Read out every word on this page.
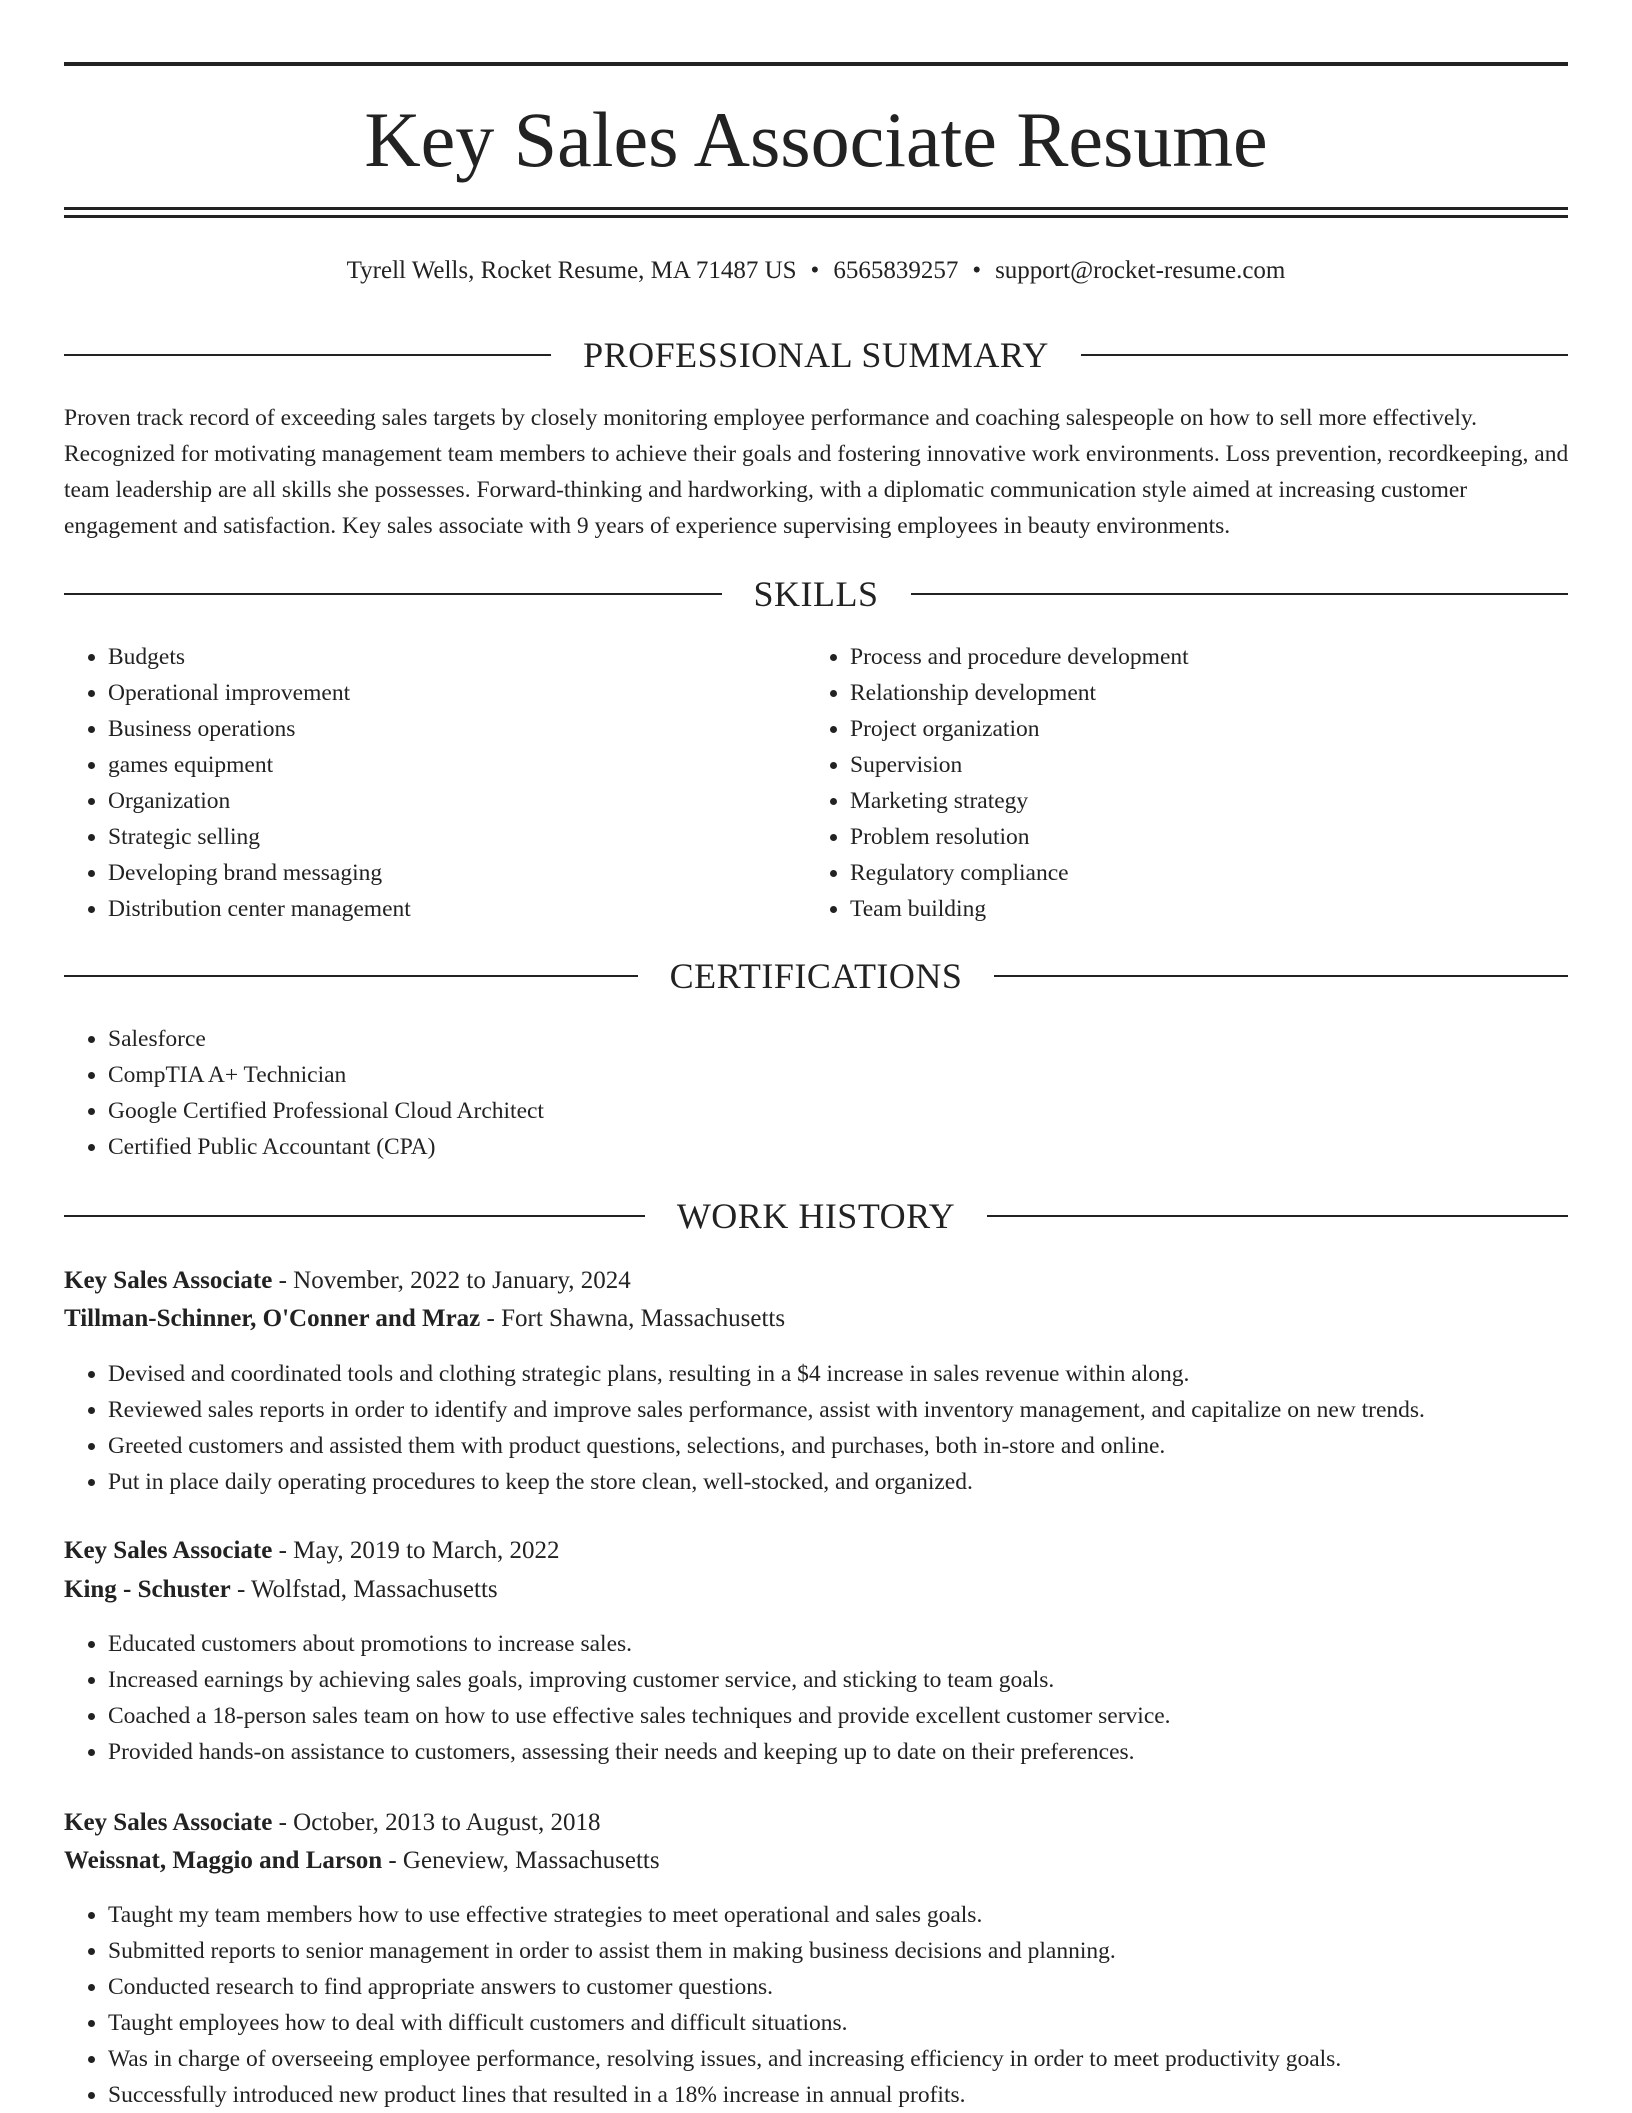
Key Sales Associate Resume
Tyrell Wells, Rocket Resume, MA 71487 US • 6565839257 • support@rocket-resume.com
PROFESSIONAL SUMMARY

Proven track record of exceeding sales targets by closely monitoring employee performance and coaching salespeople on how to sell more effectively. Recognized for motivating management team members to achieve their goals and fostering innovative work environments. Loss prevention, recordkeeping, and team leadership are all skills she possesses. Forward-thinking and hardworking, with a diplomatic communication style aimed at increasing customer engagement and satisfaction. Key sales associate with 9 years of experience supervising employees in beauty environments.

SKILLS
• Budgets
• Operational improvement
• Business operations
• games equipment
• Organization
• Strategic selling
• Developing brand messaging
• Distribution center management
• Process and procedure development
• Relationship development
• Project organization
• Supervision
• Marketing strategy
• Problem resolution
• Regulatory compliance
• Team building
CERTIFICATIONS
• Salesforce
• CompTIA A+ Technician
• Google Certified Professional Cloud Architect
• Certified Public Accountant (CPA)
WORK HISTORY
Key Sales Associate - November, 2022 to January, 2024
Tillman-Schinner, O'Conner and Mraz - Fort Shawna, Massachusetts
• Devised and coordinated tools and clothing strategic plans, resulting in a $4 increase in sales revenue within along.
• Reviewed sales reports in order to identify and improve sales performance, assist with inventory management, and capitalize on new trends.
• Greeted customers and assisted them with product questions, selections, and purchases, both in-store and online.
• Put in place daily operating procedures to keep the store clean, well-stocked, and organized.
Key Sales Associate - May, 2019 to March, 2022
King - Schuster - Wolfstad, Massachusetts
• Educated customers about promotions to increase sales.
• Increased earnings by achieving sales goals, improving customer service, and sticking to team goals.
• Coached a 18-person sales team on how to use effective sales techniques and provide excellent customer service.
• Provided hands-on assistance to customers, assessing their needs and keeping up to date on their preferences.
Key Sales Associate - October, 2013 to August, 2018
Weissnat, Maggio and Larson - Geneview, Massachusetts
• Taught my team members how to use effective strategies to meet operational and sales goals.
• Submitted reports to senior management in order to assist them in making business decisions and planning.
• Conducted research to find appropriate answers to customer questions.
• Taught employees how to deal with difficult customers and difficult situations.
• Was in charge of overseeing employee performance, resolving issues, and increasing efficiency in order to meet productivity goals.
• Successfully introduced new product lines that resulted in a 18% increase in annual profits.
